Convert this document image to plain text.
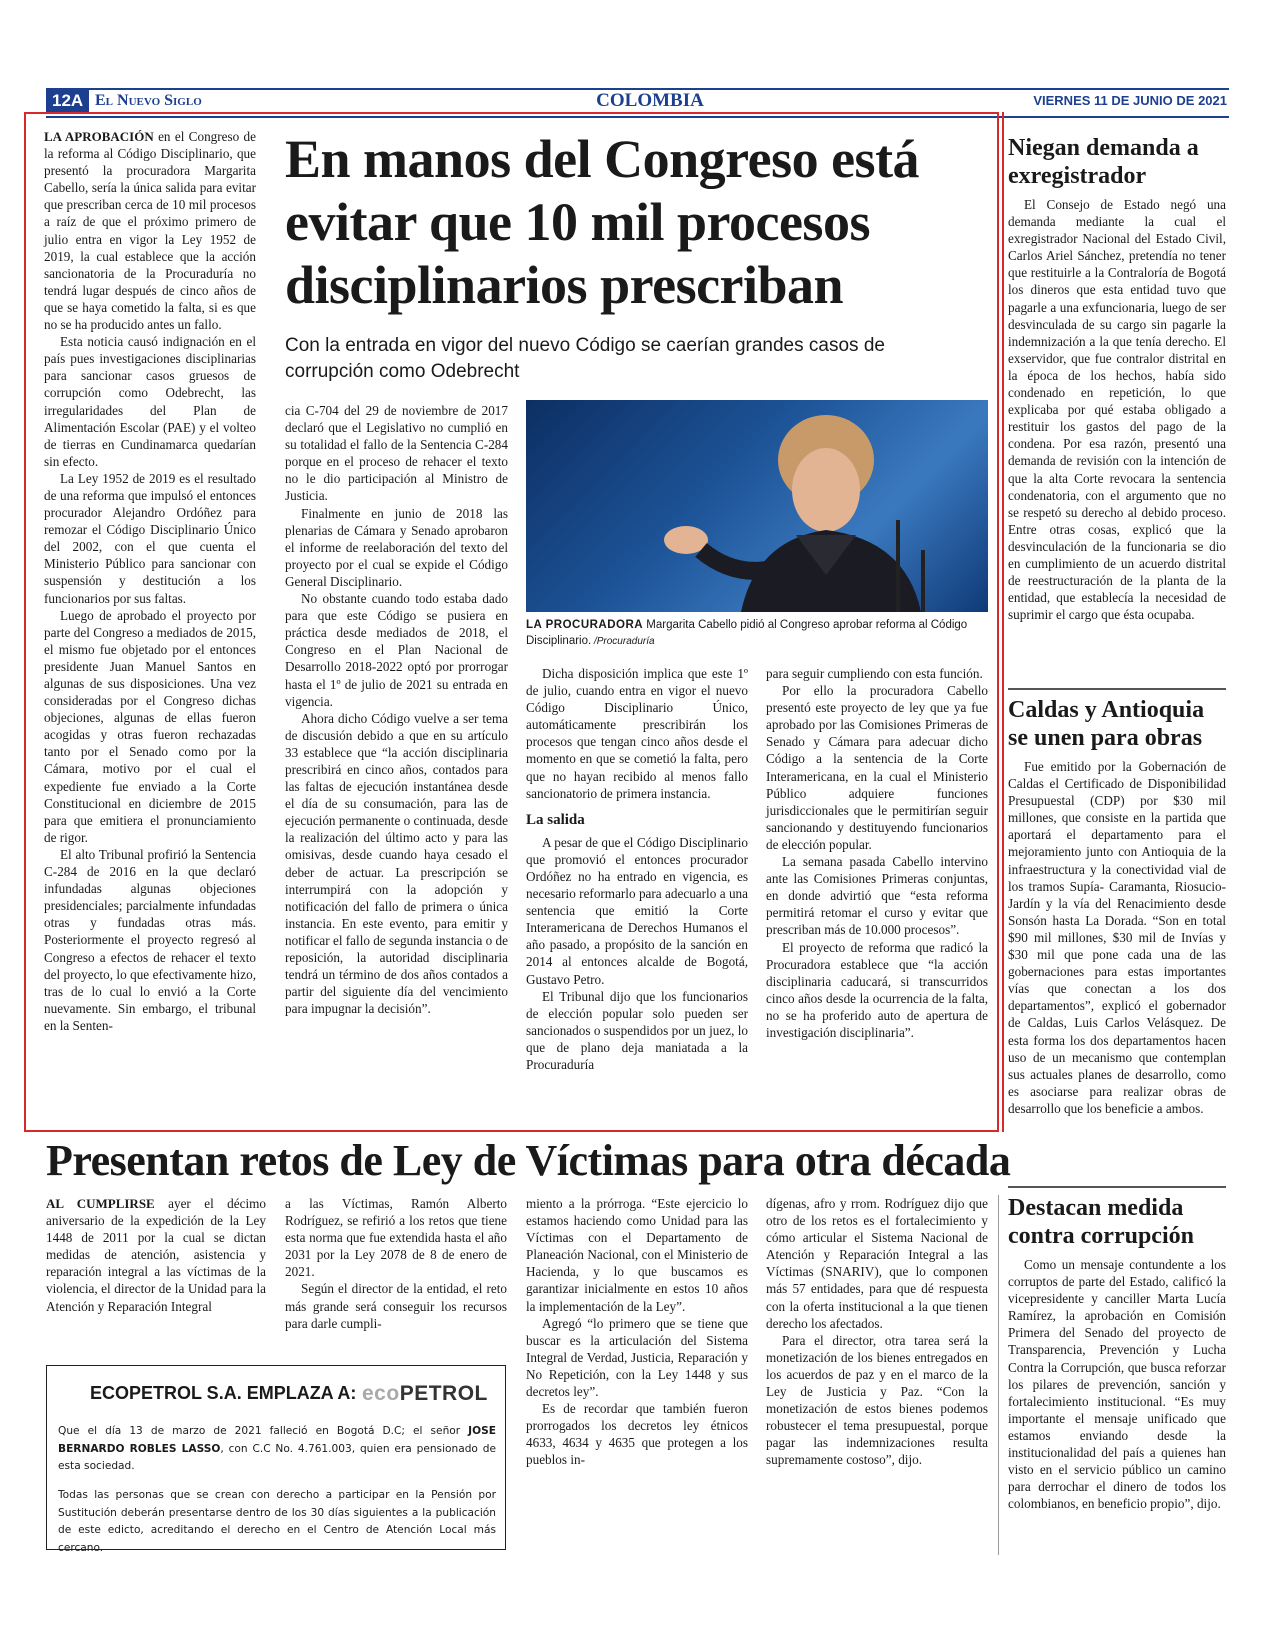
12A El Nuevo Siglo	COLOMBIA	VIERNES 11 DE JUNIO DE 2021

LA APROBACIÓN en el Congreso de la reforma al Código Disciplinario, que presentó la procuradora Margarita Cabello, sería la única salida para evitar que prescriban cerca de 10 mil procesos a raíz de que el próximo primero de julio entra en vigor la Ley 1952 de 2019, la cual establece que la acción sancionatoria de la Procuraduría no tendrá lugar después de cinco años de que se haya cometido la falta, si es que no se ha producido antes un fallo.

Esta noticia causó indignación en el país pues investigaciones disciplinarias para sancionar casos gruesos de corrupción como Odebrecht, las irregularidades del Plan de Alimentación Escolar (PAE) y el volteo de tierras en Cundinamarca quedarían sin efecto.

La Ley 1952 de 2019 es el resultado de una reforma que impulsó el entonces procurador Alejandro Ordóñez para remozar el Código Disciplinario Único del 2002, con el que cuenta el Ministerio Público para sancionar con suspensión y destitución a los funcionarios por sus faltas.

Luego de aprobado el proyecto por parte del Congreso a mediados de 2015, el mismo fue objetado por el entonces presidente Juan Manuel Santos en algunas de sus disposiciones. Una vez consideradas por el Congreso dichas objeciones, algunas de ellas fueron acogidas y otras fueron rechazadas tanto por el Senado como por la Cámara, motivo por el cual el expediente fue enviado a la Corte Constitucional en diciembre de 2015 para que emitiera el pronunciamiento de rigor.

El alto Tribunal profirió la Sentencia C-284 de 2016 en la que declaró infundadas algunas objeciones presidenciales; parcialmente infundadas otras y fundadas otras más. Posteriormente el proyecto regresó al Congreso a efectos de rehacer el texto del proyecto, lo que efectivamente hizo, tras de lo cual lo envió a la Corte nuevamente. Sin embargo, el tribunal en la Senten-

En manos del Congreso está evitar que 10 mil procesos disciplinarios prescriban
Con la entrada en vigor del nuevo Código se caerían grandes casos de corrupción como Odebrecht

cia C-704 del 29 de noviembre de 2017 declaró que el Legislativo no cumplió en su totalidad el fallo de la Sentencia C-284 porque en el proceso de rehacer el texto no le dio participación al Ministro de Justicia.

Finalmente en junio de 2018 las plenarias de Cámara y Senado aprobaron el informe de reelaboración del texto del proyecto por el cual se expide el Código General Disciplinario.

No obstante cuando todo estaba dado para que este Código se pusiera en práctica desde mediados de 2018, el Congreso en el Plan Nacional de Desarrollo 2018-2022 optó por prorrogar hasta el 1º de julio de 2021 su entrada en vigencia.

Ahora dicho Código vuelve a ser tema de discusión debido a que en su artículo 33 establece que “la acción disciplinaria prescribirá en cinco años, contados para las faltas de ejecución instantánea desde el día de su consumación, para las de ejecución permanente o continuada, desde la realización del último acto y para las omisivas, desde cuando haya cesado el deber de actuar. La prescripción se interrumpirá con la adopción y notificación del fallo de primera o única instancia. En este evento, para emitir y notificar el fallo de segunda instancia o de reposición, la autoridad disciplinaria tendrá un término de dos años contados a partir del siguiente día del vencimiento para impugnar la decisión”.

LA PROCURADORA Margarita Cabello pidió al Congreso aprobar reforma al Código Disciplinario. /Procuraduría

Dicha disposición implica que este 1º de julio, cuando entra en vigor el nuevo Código Disciplinario Único, automáticamente prescribirán los procesos que tengan cinco años desde el momento en que se cometió la falta, pero que no hayan recibido al menos fallo sancionatorio de primera instancia.

La salida

A pesar de que el Código Disciplinario que promovió el entonces procurador Ordóñez no ha entrado en vigencia, es necesario reformarlo para adecuarlo a una sentencia que emitió la Corte Interamericana de Derechos Humanos el año pasado, a propósito de la sanción en 2014 al entonces alcalde de Bogotá, Gustavo Petro.

El Tribunal dijo que los funcionarios de elección popular solo pueden ser sancionados o suspendidos por un juez, lo que de plano deja maniatada a la Procuraduría

para seguir cumpliendo con esta función.

Por ello la procuradora Cabello presentó este proyecto de ley que ya fue aprobado por las Comisiones Primeras de Senado y Cámara para adecuar dicho Código a la sentencia de la Corte Interamericana, en la cual el Ministerio Público adquiere funciones jurisdiccionales que le permitirían seguir sancionando y destituyendo funcionarios de elección popular.

La semana pasada Cabello intervino ante las Comisiones Primeras conjuntas, en donde advirtió que “esta reforma permitirá retomar el curso y evitar que prescriban más de 10.000 procesos”.

El proyecto de reforma que radicó la Procuradora establece que “la acción disciplinaria caducará, si transcurridos cinco años desde la ocurrencia de la falta, no se ha proferido auto de apertura de investigación disciplinaria”.

Niegan demanda a exregistrador

El Consejo de Estado negó una demanda mediante la cual el exregistrador Nacional del Estado Civil, Carlos Ariel Sánchez, pretendía no tener que restituirle a la Contraloría de Bogotá los dineros que esta entidad tuvo que pagarle a una exfuncionaria, luego de ser desvinculada de su cargo sin pagarle la indemnización a la que tenía derecho. El exservidor, que fue contralor distrital en la época de los hechos, había sido condenado en repetición, lo que explicaba por qué estaba obligado a restituir los gastos del pago de la condena. Por esa razón, presentó una demanda de revisión con la intención de que la alta Corte revocara la sentencia condenatoria, con el argumento que no se respetó su derecho al debido proceso. Entre otras cosas, explicó que la desvinculación de la funcionaria se dio en cumplimiento de un acuerdo distrital de reestructuración de la planta de la entidad, que establecía la necesidad de suprimir el cargo que ésta ocupaba.

Caldas y Antioquia se unen para obras

Fue emitido por la Gobernación de Caldas el Certificado de Disponibilidad Presupuestal (CDP) por $30 mil millones, que consiste en la partida que aportará el departamento para el mejoramiento junto con Antioquia de la infraestructura y la conectividad vial de los tramos Supía- Caramanta, Riosucio-Jardín y la vía del Renacimiento desde Sonsón hasta La Dorada. “Son en total $90 mil millones, $30 mil de Invías y $30 mil que pone cada una de las gobernaciones para estas importantes vías que conectan a los dos departamentos”, explicó el gobernador de Caldas, Luis Carlos Velásquez. De esta forma los dos departamentos hacen uso de un mecanismo que contemplan sus actuales planes de desarrollo, como es asociarse para realizar obras de desarrollo que los beneficie a ambos.

Destacan medida contra corrupción

Como un mensaje contundente a los corruptos de parte del Estado, calificó la vicepresidente y canciller Marta Lucía Ramírez, la aprobación en Comisión Primera del Senado del proyecto de Transparencia, Prevención y Lucha Contra la Corrupción, que busca reforzar los pilares de prevención, sanción y fortalecimiento institucional. “Es muy importante el mensaje unificado que estamos enviando desde la institucionalidad del país a quienes han visto en el servicio público un camino para derrochar el dinero de todos los colombianos, en beneficio propio”, dijo.

Presentan retos de Ley de Víctimas para otra década

AL CUMPLIRSE ayer el décimo aniversario de la expedición de la Ley 1448 de 2011 por la cual se dictan medidas de atención, asistencia y reparación integral a las víctimas de la violencia, el director de la Unidad para la Atención y Reparación Integral

a las Víctimas, Ramón Alberto Rodríguez, se refirió a los retos que tiene esta norma que fue extendida hasta el año 2031 por la Ley 2078 de 8 de enero de 2021.

Según el director de la entidad, el reto más grande será conseguir los recursos para darle cumpli-

miento a la prórroga. “Este ejercicio lo estamos haciendo como Unidad para las Víctimas con el Departamento de Planeación Nacional, con el Ministerio de Hacienda, y lo que buscamos es garantizar inicialmente en estos 10 años la implementación de la Ley”.

Agregó “lo primero que se tiene que buscar es la articulación del Sistema Integral de Verdad, Justicia, Reparación y No Repetición, con la Ley 1448 y sus decretos ley”.

Es de recordar que también fueron prorrogados los decretos ley étnicos 4633, 4634 y 4635 que protegen a los pueblos in-

dígenas, afro y rrom. Rodríguez dijo que otro de los retos es el fortalecimiento y cómo articular el Sistema Nacional de Atención y Reparación Integral a las Víctimas (SNARIV), que lo componen más 57 entidades, para que dé respuesta con la oferta institucional a la que tienen derecho los afectados.

Para el director, otra tarea será la monetización de los bienes entregados en los acuerdos de paz y en el marco de la Ley de Justicia y Paz. “Con la monetización de estos bienes podemos robustecer el tema presupuestal, porque pagar las indemnizaciones resulta supremamente costoso”, dijo.

ECOPETROL S.A. EMPLAZA A: ecoPETROL
Que el día 13 de marzo de 2021 falleció en Bogotá D.C; el señor JOSE BERNARDO ROBLES LASSO, con C.C No. 4.761.003, quien era pensionado de esta sociedad.
Todas las personas que se crean con derecho a participar en la Pensión por Sustitución deberán presentarse dentro de los 30 días siguientes a la publicación de este edicto, acreditando el derecho en el Centro de Atención Local más cercano.
